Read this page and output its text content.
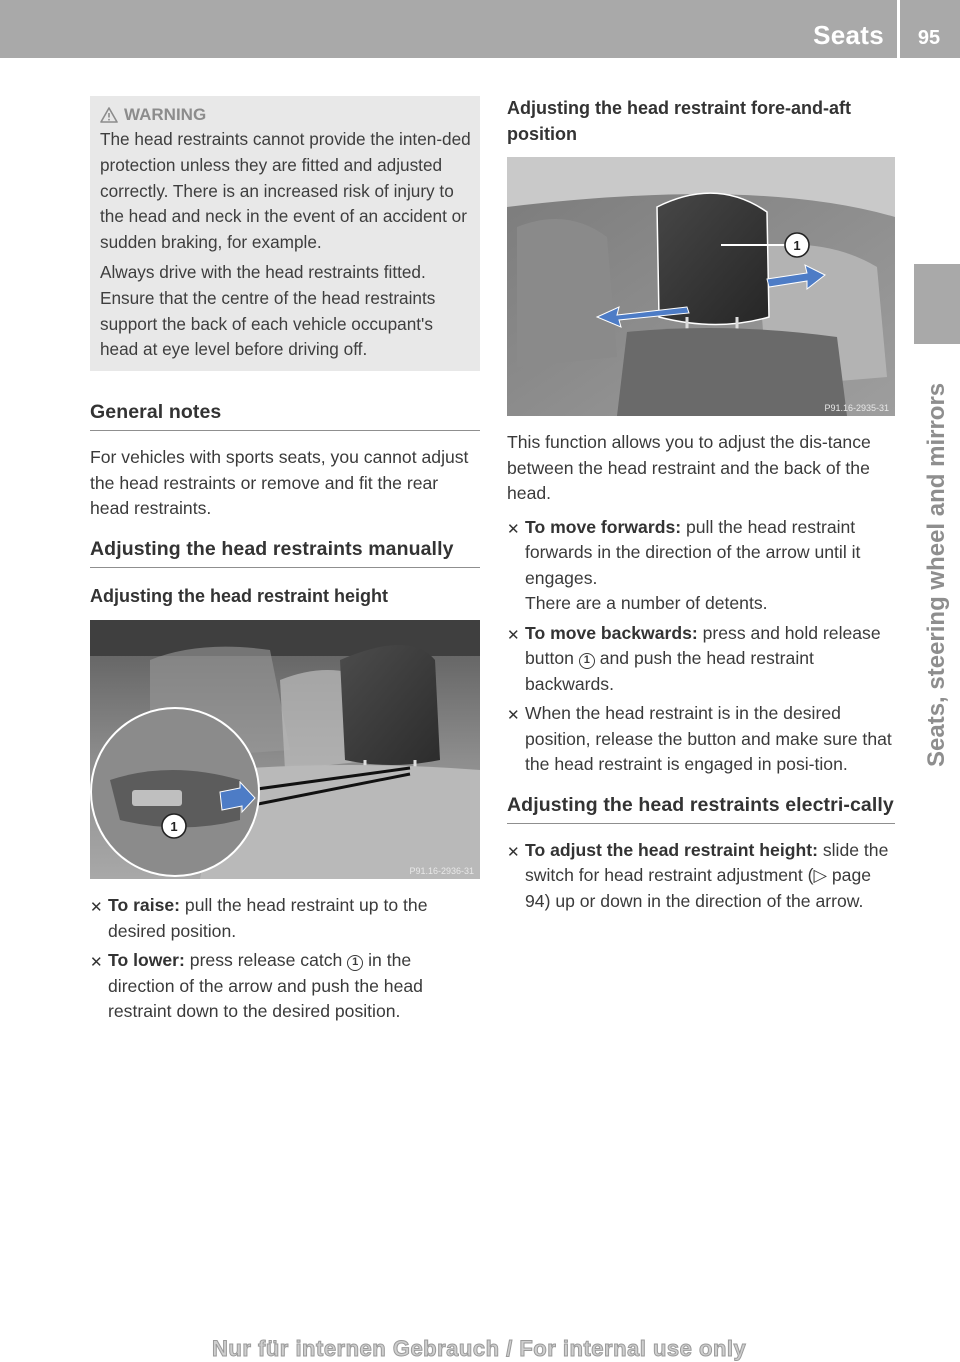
Seats	95
Seats, steering wheel and mirrors
WARNING

The head restraints cannot provide the inten-ded protection unless they are fitted and adjusted correctly. There is an increased risk of injury to the head and neck in the event of an accident or sudden braking, for example.

Always drive with the head restraints fitted. Ensure that the centre of the head restraints support the back of each vehicle occupant's head at eye level before driving off.

General notes

For vehicles with sports seats, you cannot adjust the head restraints or remove and fit the rear head restraints.

Adjusting the head restraints manually
Adjusting the head restraint height
1
P91.16-2936-31
✕ To raise: pull the head restraint up to the desired position.
✕ To lower: press release catch 1 in the direction of the arrow and push the head restraint down to the desired position.
Adjusting the head restraint fore-and-aft position
1
P91.16-2935-31

This function allows you to adjust the dis-tance between the head restraint and the back of the head.

✕ To move forwards: pull the head restraint forwards in the direction of the arrow until it engages.
There are a number of detents.
✕ To move backwards: press and hold release button 1 and push the head restraint backwards.
✕ When the head restraint is in the desired position, release the button and make sure that the head restraint is engaged in posi-tion.
Adjusting the head restraints electri-cally
✕ To adjust the head restraint height: slide the switch for head restraint adjustment (▷ page 94) up or down in the direction of the arrow.
Nur für internen Gebrauch / For internal use only
